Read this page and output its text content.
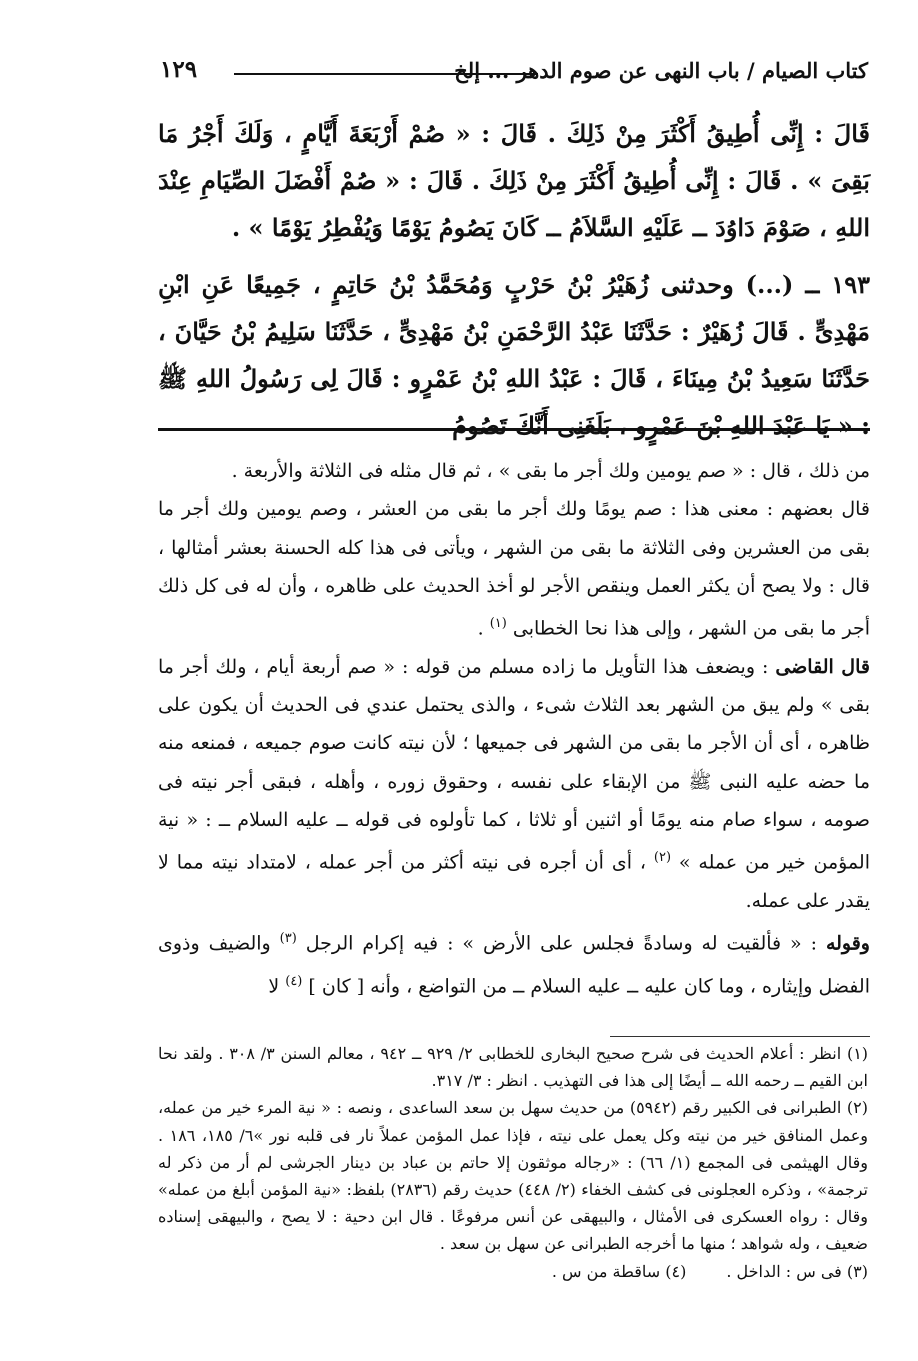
كتاب الصيام / باب النهى عن صوم الدهر ... إلخ
١٢٩

قَالَ : إِنِّى أُطِيقُ أَكْثَرَ مِنْ ذَلِكَ . قَالَ : « صُمْ أَرْبَعَةَ أَيَّامٍ ، وَلَكَ أَجْرُ مَا بَقِىَ » . قَالَ : إِنِّى أُطِيقُ أَكْثَرَ مِنْ ذَلِكَ . قَالَ : « صُمْ أَفْضَلَ الصِّيَامِ عِنْدَ اللهِ ، صَوْمَ دَاوُدَ ــ عَلَيْهِ السَّلاَمُ ــ كَانَ يَصُومُ يَوْمًا وَيُفْطِرُ يَوْمًا » .

١٩٣ ــ (...) وحدثنى زُهَيْرُ بْنُ حَرْبٍ وَمُحَمَّدُ بْنُ حَاتِمٍ ، جَمِيعًا عَنِ ابْنِ مَهْدِىٍّ . قَالَ زُهَيْرٌ : حَدَّثَنَا عَبْدُ الرَّحْمَنِ بْنُ مَهْدِىٍّ ، حَدَّثَنَا سَلِيمُ بْنُ حَيَّانَ ، حَدَّثَنَا سَعِيدُ بْنُ مِينَاءَ ، قَالَ : عَبْدُ اللهِ بْنُ عَمْرٍو : قَالَ لِى رَسُولُ اللهِ ﷺ : « يَا عَبْدَ اللهِ بْنَ عَمْرٍو ، بَلَغَنِى أَنَّكَ تَصُومُ

من ذلك ، قال : « صم يومين ولك أجر ما بقى » ، ثم قال مثله فى الثلاثة والأربعة .

قال بعضهم : معنى هذا : صم يومًا ولك أجر ما بقى من العشر ، وصم يومين ولك أجر ما بقى من العشرين وفى الثلاثة ما بقى من الشهر ، ويأتى فى هذا كله الحسنة بعشر أمثالها ، قال : ولا يصح أن يكثر العمل وينقص الأجر لو أخذ الحديث على ظاهره ، وأن له فى كل ذلك أجر ما بقى من الشهر ، وإلى هذا نحا الخطابى $^{(١)}$ .

قال القاضى : ويضعف هذا التأويل ما زاده مسلم من قوله : « صم أربعة أيام ، ولك أجر ما بقى » ولم يبق من الشهر بعد الثلاث شىء ، والذى يحتمل عندي فى الحديث أن يكون على ظاهره ، أى أن الأجر ما بقى من الشهر فى جميعها ؛ لأن نيته كانت صوم جميعه ، فمنعه منه ما حضه عليه النبى ﷺ من الإبقاء على نفسه ، وحقوق زوره ، وأهله ، فبقى أجر نيته فى صومه ، سواء صام منه يومًا أو اثنين أو ثلاثا ، كما تأولوه فى قوله ــ عليه السلام ــ : « نية المؤمن خير من عمله » $^{(٢)}$ ، أى أن أجره فى نيته أكثر من أجر عمله ، لامتداد نيته مما لا يقدر على عمله.

وقوله : « فألقيت له وسادةً فجلس على الأرض » : فيه إكرام الرجل $^{(٣)}$ والضيف وذوى الفضل وإيثاره ، وما كان عليه ــ عليه السلام ــ من التواضع ، وأنه [ كان ] $^{(٤)}$ لا

(١) انظر : أعلام الحديث فى شرح صحيح البخارى للخطابى ٢/ ٩٢٩ ــ ٩٤٢ ، معالم السنن ٣/ ٣٠٨ . ولقد نحا ابن القيم ــ رحمه الله ــ أيضًا إلى هذا فى التهذيب . انظر : ٣/ ٣١٧.

(٢) الطبرانى فى الكبير رقم (٥٩٤٢) من حديث سهل بن سعد الساعدى ، ونصه : « نية المرء خير من عمله، وعمل المنافق خير من نيته وكل يعمل على نيته ، فإذا عمل المؤمن عملاً نار فى قلبه نور »٦/ ١٨٥، ١٨٦ . وقال الهيثمى فى المجمع (١/ ٦٦) : «رجاله موثقون إلا حاتم بن عباد بن دينار الجرشى لم أر من ذكر له ترجمة» ، وذكره العجلونى فى كشف الخفاء (٢/ ٤٤٨) حديث رقم (٢٨٣٦) بلفظ: «نية المؤمن أبلغ من عمله» وقال : رواه العسكرى فى الأمثال ، والبيهقى عن أنس مرفوعًا . قال ابن دحية : لا يصح ، والبيهقى إسناده ضعيف ، وله شواهد ؛ منها ما أخرجه الطبرانى عن سهل بن سعد .

(٣) فى س : الداخل .
(٤) ساقطة من س .
